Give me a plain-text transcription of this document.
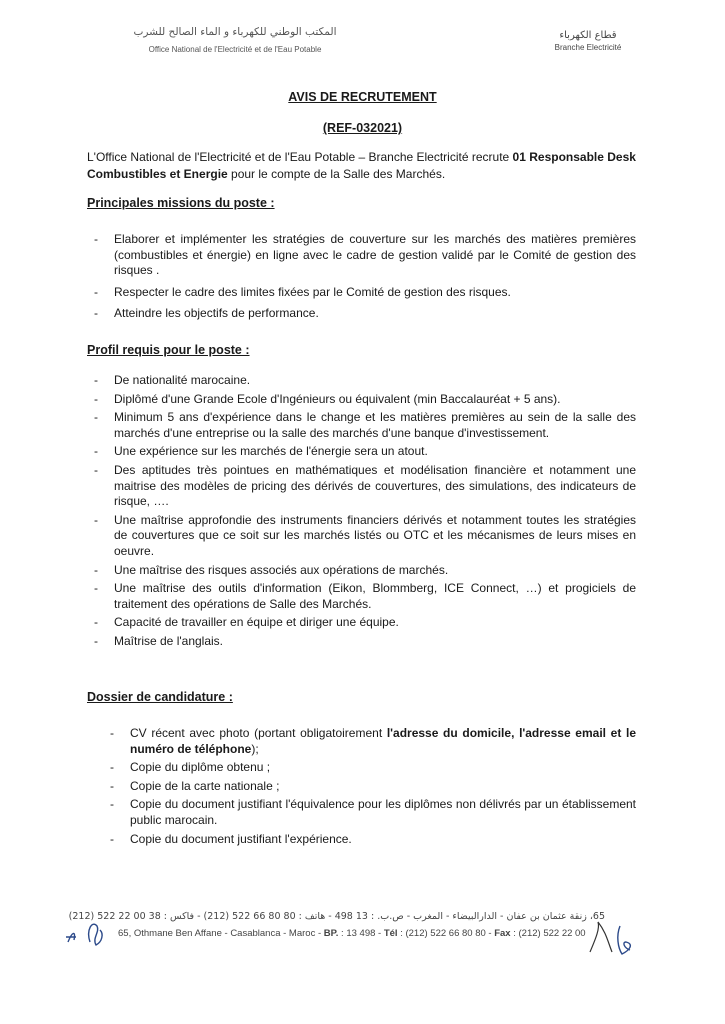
المكتب الوطني للكهرباء و الماء الصالح للشرب
Office National de l'Electricité et de l'Eau Potable
قطاع الكهرباء
Branche Electricité
AVIS DE RECRUTEMENT
(REF-032021)
L'Office National de l'Electricité et de l'Eau Potable – Branche Electricité recrute 01 Responsable Desk Combustibles et Energie pour le compte de la Salle des Marchés.
Principales missions du poste :
- Elaborer et implémenter les stratégies de couverture sur les marchés des matières premières (combustibles et énergie) en ligne avec le cadre de gestion validé par le Comité de gestion des risques .
- Respecter le cadre des limites fixées par le Comité de gestion des risques.
- Atteindre les objectifs de performance.
Profil requis pour le poste :
- De nationalité marocaine.
- Diplômé d'une Grande Ecole d'Ingénieurs ou équivalent (min Baccalauréat + 5 ans).
- Minimum 5 ans d'expérience dans le change et les matières premières au sein de la salle des marchés d'une entreprise ou la salle des marchés d'une banque d'investissement.
- Une expérience sur les marchés de l'énergie sera un atout.
- Des aptitudes très pointues en mathématiques et modélisation financière et notamment une maitrise des modèles de pricing des dérivés de couvertures, des simulations, des indicateurs de risque, ….
- Une maîtrise approfondie des instruments financiers dérivés et notamment toutes les stratégies de couvertures que ce soit sur les marchés listés ou OTC et les mécanismes de leurs mises en oeuvre.
- Une maîtrise des risques associés aux opérations de marchés.
- Une maîtrise des outils d'information (Eikon, Blommberg, ICE Connect, …) et progiciels de traitement des opérations de Salle des Marchés.
- Capacité de travailler en équipe et diriger une équipe.
- Maîtrise de l'anglais.
Dossier de candidature :
- CV récent avec photo (portant obligatoirement l'adresse du domicile, l'adresse email et le numéro de téléphone);
- Copie du diplôme obtenu ;
- Copie de la carte nationale ;
- Copie du document justifiant l'équivalence pour les diplômes non délivrés par un établissement public marocain.
- Copie du document justifiant l'expérience.
65، زنقة عثمان بن عفان - الدارالبيضاء - المغرب - ص.ب. : 13 498 - هاتف : 80 80 66 522 (212) - فاكس : 38 00 22 522 (212)
65, Othmane Ben Affane - Casablanca - Maroc - BP. : 13 498 - Tél : (212) 522 66 80 80 - Fax : (212) 522 22 00
